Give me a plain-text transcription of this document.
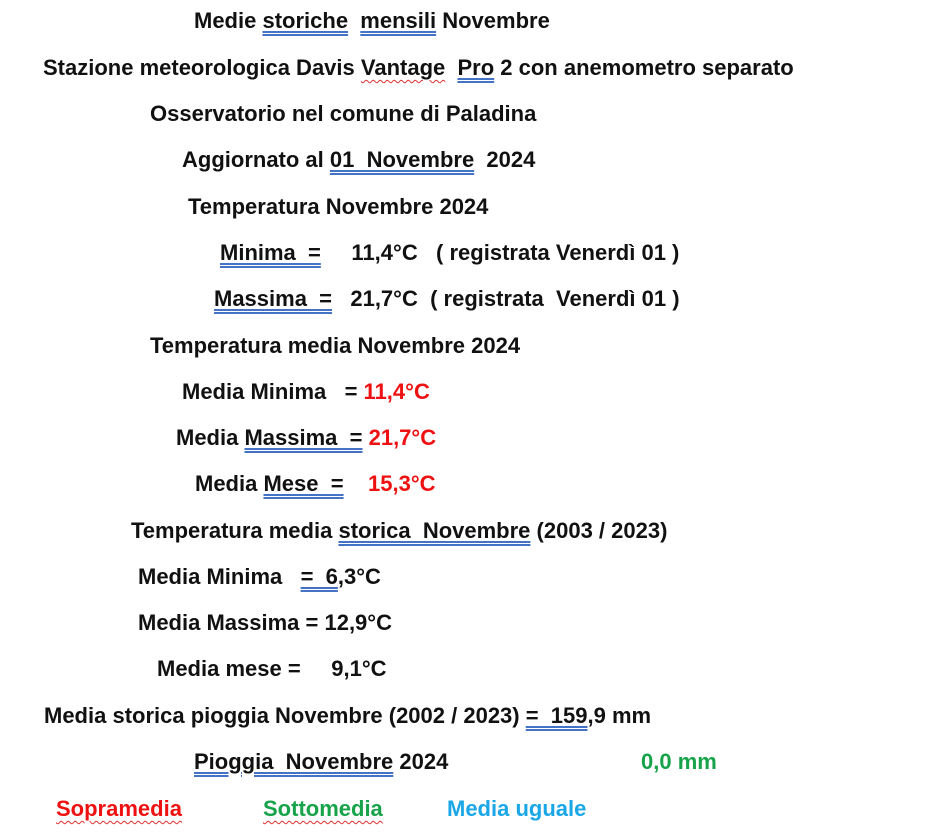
Medie storiche mensili Novembre
Stazione meteorologica Davis Vantage Pro 2 con anemometro separato
Osservatorio nel comune di Paladina
Aggiornato al 01  Novembre  2024
Temperatura Novembre 2024
Minima  =     11,4°C   ( registrata Venerdì 01 )
Massima  =   21,7°C  ( registrata  Venerdì 01 )
Temperatura media Novembre 2024
Media Minima   = 11,4°C
Media Massima  = 21,7°C
Media Mese  =    15,3°C
Temperatura media storica  Novembre (2003 / 2023)
Media Minima   =  6,3°C
Media Massima = 12,9°C
Media mese =     9,1°C
Media storica pioggia Novembre (2002 / 2023) =  159,9 mm
Pioggia  Novembre 2024	0,0 mm
Sopramedia	Sottomedia	Media uguale
